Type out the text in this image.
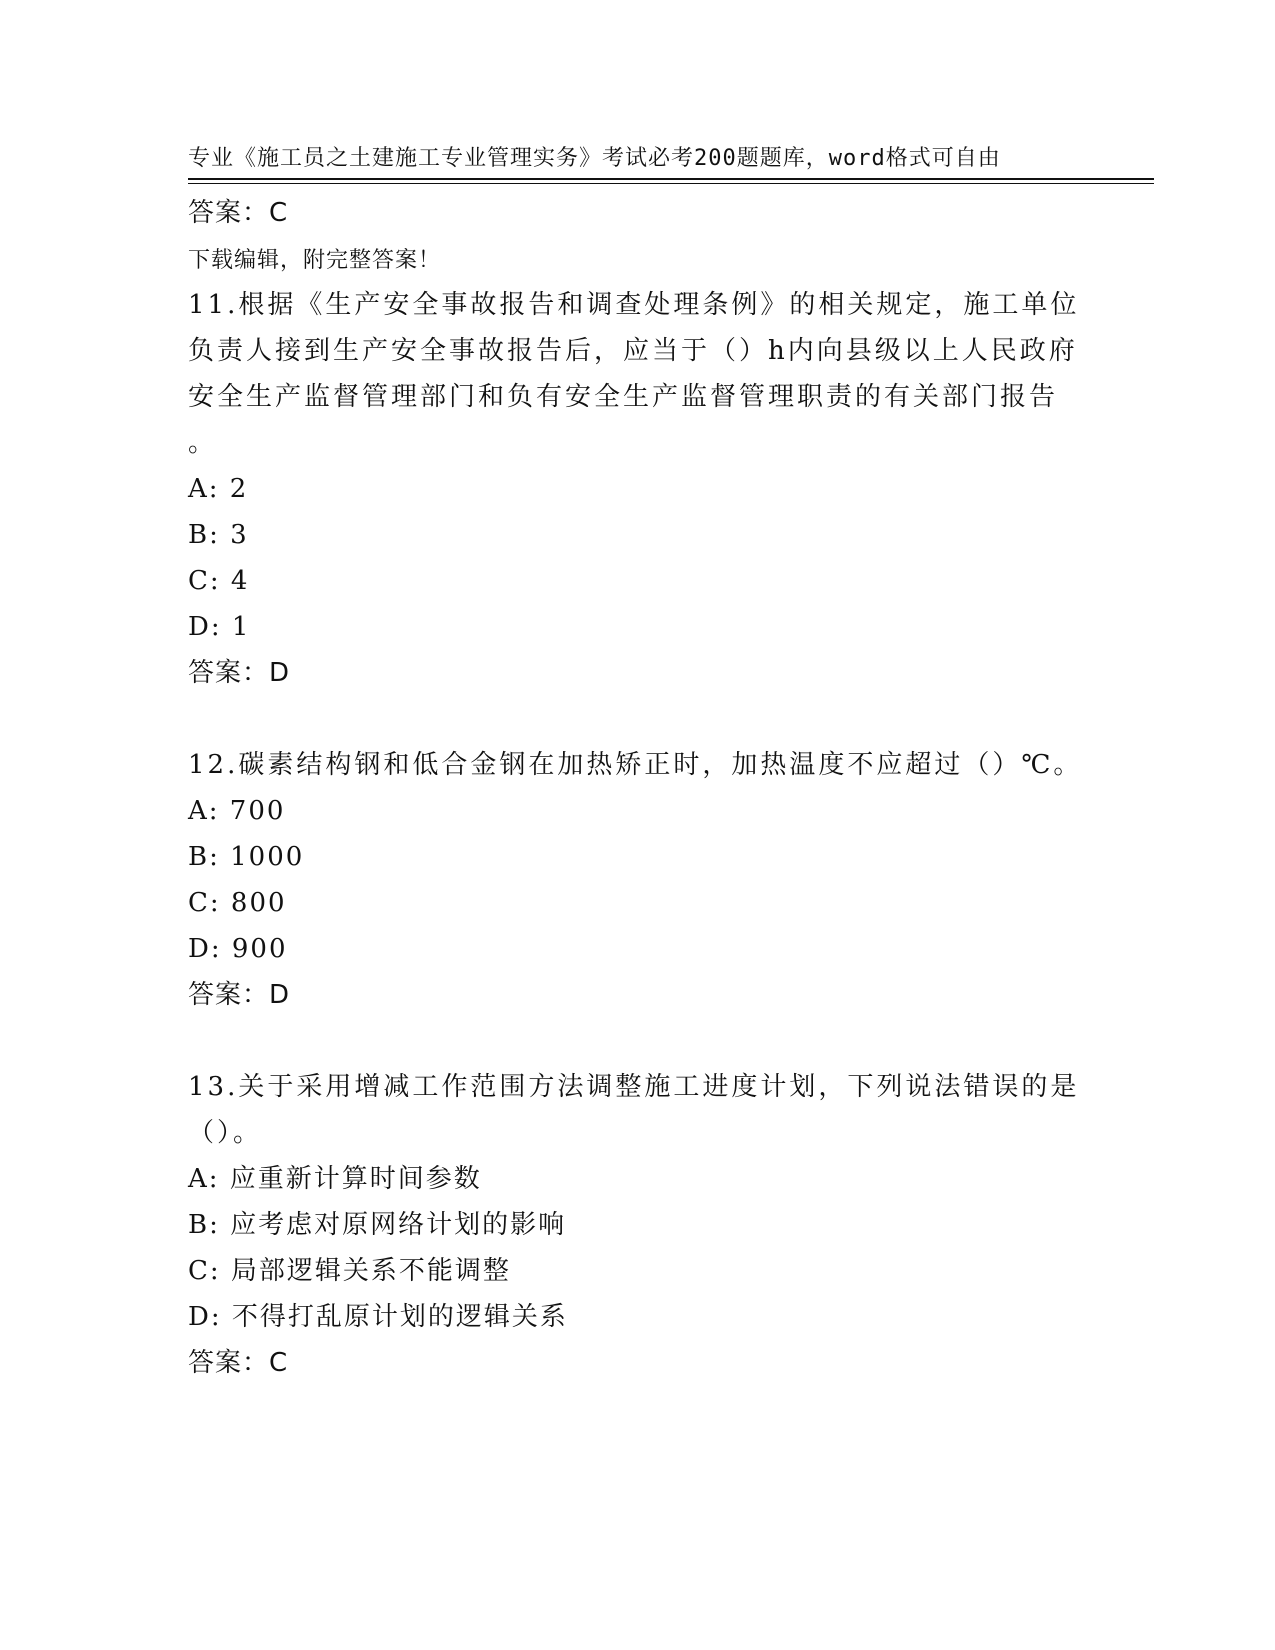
专业《施工员之土建施工专业管理实务》考试必考200题题库，word格式可自由

下载编辑，附完整答案！

答案：C
11.根据《生产安全事故报告和调查处理条例》的相关规定，施工单位
负责人接到生产安全事故报告后，应当于（）h内向县级以上人民政府
安全生产监督管理部门和负有安全生产监督管理职责的有关部门报告
。
A: 2
B: 3
C: 4
D: 1
答案：D
12.碳素结构钢和低合金钢在加热矫正时，加热温度不应超过（）℃。
A: 700
B: 1000
C: 800
D: 900
答案：D
13.关于采用增减工作范围方法调整施工进度计划，下列说法错误的是
（）。
A: 应重新计算时间参数
B: 应考虑对原网络计划的影响
C: 局部逻辑关系不能调整
D: 不得打乱原计划的逻辑关系
答案：C
